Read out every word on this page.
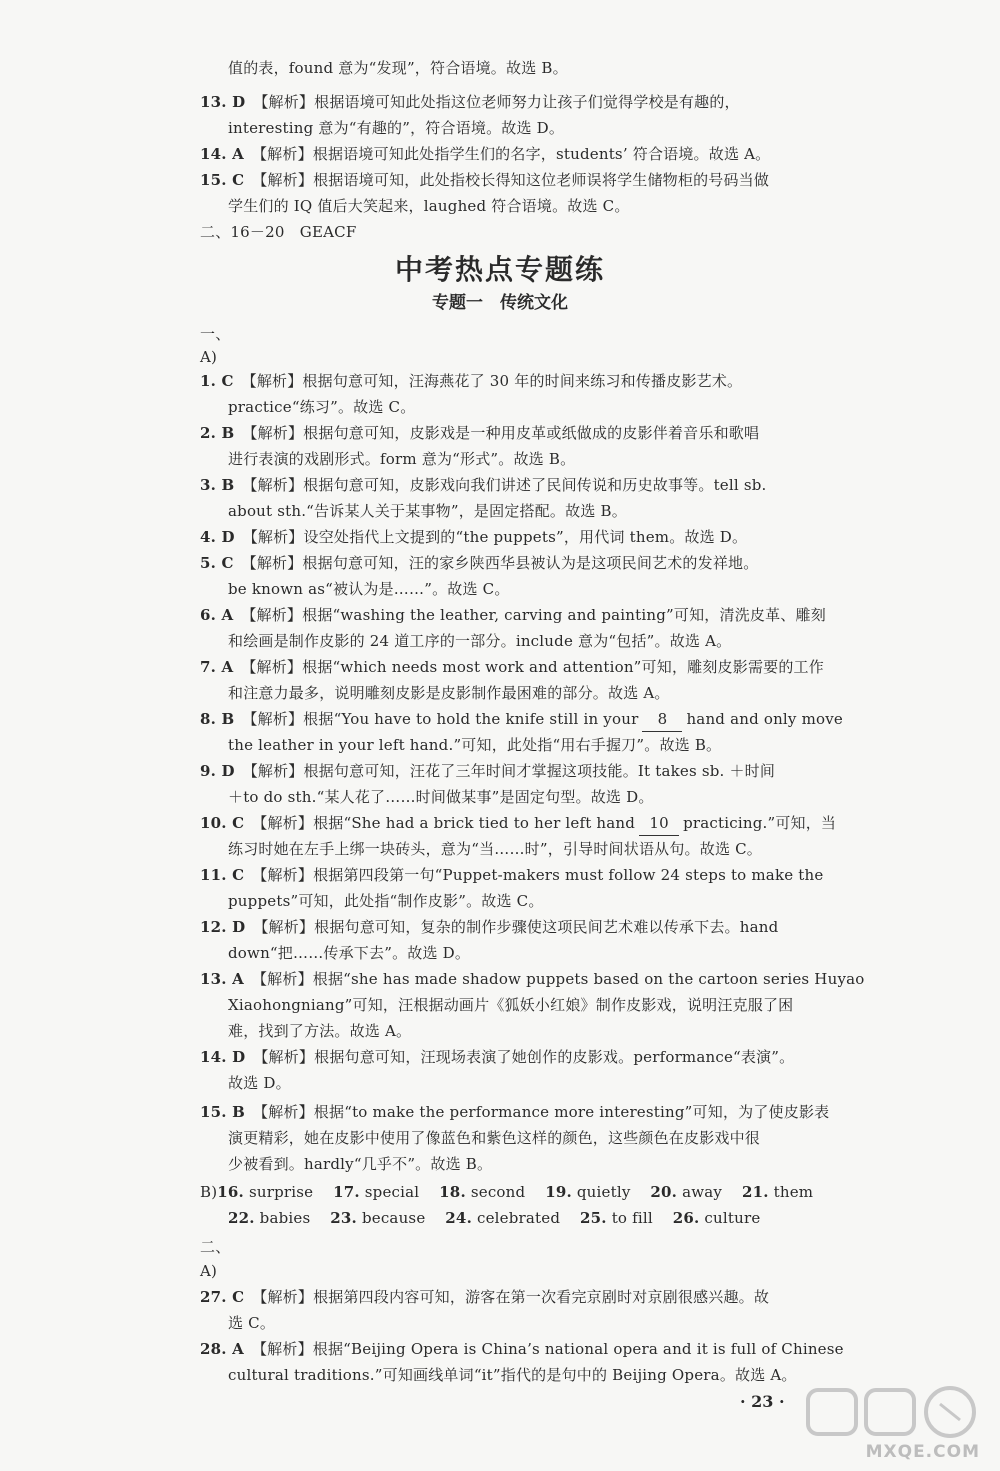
值的表，found 意为“发现”，符合语境。故选 B。
13. D 【解析】根据语境可知此处指这位老师努力让孩子们觉得学校是有趣的，
interesting 意为“有趣的”，符合语境。故选 D。
14. A 【解析】根据语境可知此处指学生们的名字，students’ 符合语境。故选 A。
15. C 【解析】根据语境可知，此处指校长得知这位老师误将学生储物柜的号码当做
学生们的 IQ 值后大笑起来，laughed 符合语境。故选 C。
二、16－20　GEACF
中考热点专题练
专题一　传统文化
一、
A)
1. C 【解析】根据句意可知，汪海燕花了 30 年的时间来练习和传播皮影艺术。
practice“练习”。故选 C。
2. B 【解析】根据句意可知，皮影戏是一种用皮革或纸做成的皮影伴着音乐和歌唱
进行表演的戏剧形式。form 意为“形式”。故选 B。
3. B 【解析】根据句意可知，皮影戏向我们讲述了民间传说和历史故事等。tell sb.
about sth.“告诉某人关于某事物”，是固定搭配。故选 B。
4. D 【解析】设空处指代上文提到的“the puppets”，用代词 them。故选 D。
5. C 【解析】根据句意可知，汪的家乡陕西华县被认为是这项民间艺术的发祥地。
be known as“被认为是……”。故选 C。
6. A 【解析】根据“washing the leather, carving and painting”可知，清洗皮革、雕刻
和绘画是制作皮影的 24 道工序的一部分。include 意为“包括”。故选 A。
7. A 【解析】根据“which needs most work and attention”可知，雕刻皮影需要的工作
和注意力最多，说明雕刻皮影是皮影制作最困难的部分。故选 A。
8. B 【解析】根据“You have to hold the knife still in your 8 hand and only move
the leather in your left hand.”可知，此处指“用右手握刀”。故选 B。
9. D 【解析】根据句意可知，汪花了三年时间才掌握这项技能。It takes sb. ＋时间
＋to do sth.“某人花了……时间做某事”是固定句型。故选 D。
10. C 【解析】根据“She had a brick tied to her left hand 10 practicing.”可知，当
练习时她在左手上绑一块砖头，意为“当……时”，引导时间状语从句。故选 C。
11. C 【解析】根据第四段第一句“Puppet-makers must follow 24 steps to make the
puppets”可知，此处指“制作皮影”。故选 C。
12. D 【解析】根据句意可知，复杂的制作步骤使这项民间艺术难以传承下去。hand
down“把……传承下去”。故选 D。
13. A 【解析】根据“she has made shadow puppets based on the cartoon series Huyao
Xiaohongniang”可知，汪根据动画片《狐妖小红娘》制作皮影戏，说明汪克服了困
难，找到了方法。故选 A。
14. D 【解析】根据句意可知，汪现场表演了她创作的皮影戏。performance“表演”。
故选 D。
15. B 【解析】根据“to make the performance more interesting”可知，为了使皮影表
演更精彩，她在皮影中使用了像蓝色和紫色这样的颜色，这些颜色在皮影戏中很
少被看到。hardly“几乎不”。故选 B。
B)16. surprise 17. special 18. second 19. quietly 20. away 21. them
22. babies 23. because 24. celebrated 25. to fill 26. culture
二、
A)
27. C 【解析】根据第四段内容可知，游客在第一次看完京剧时对京剧很感兴趣。故
选 C。
28. A 【解析】根据“Beijing Opera is China’s national opera and it is full of Chinese
cultural traditions.”可知画线单词“it”指代的是句中的 Beijing Opera。故选 A。
· 23 ·
MXQE.COM
